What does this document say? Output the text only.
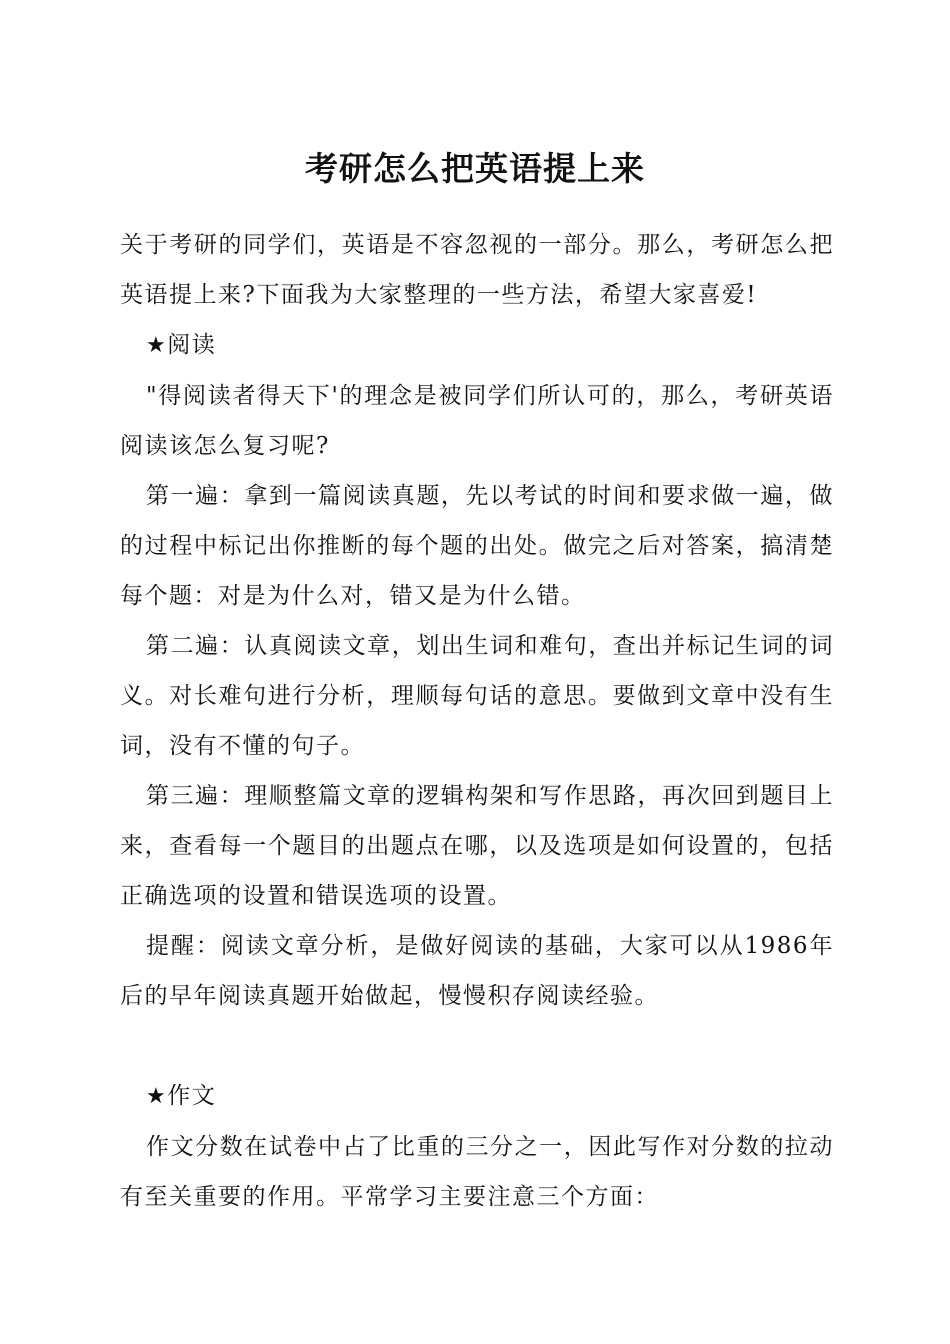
考研怎么把英语提上来

关于考研的同学们，英语是不容忽视的一部分。那么，考研怎么把英语提上来?下面我为大家整理的一些方法，希望大家喜爱!

★阅读

"得阅读者得天下'的理念是被同学们所认可的，那么，考研英语阅读该怎么复习呢?

第一遍：拿到一篇阅读真题，先以考试的时间和要求做一遍，做的过程中标记出你推断的每个题的出处。做完之后对答案，搞清楚每个题：对是为什么对，错又是为什么错。

第二遍：认真阅读文章，划出生词和难句，查出并标记生词的词义。对长难句进行分析，理顺每句话的意思。要做到文章中没有生词，没有不懂的句子。

第三遍：理顺整篇文章的逻辑构架和写作思路，再次回到题目上来，查看每一个题目的出题点在哪，以及选项是如何设置的，包括正确选项的设置和错误选项的设置。

提醒：阅读文章分析，是做好阅读的基础，大家可以从1986年后的早年阅读真题开始做起，慢慢积存阅读经验。

★作文

作文分数在试卷中占了比重的三分之一，因此写作对分数的拉动有至关重要的作用。平常学习主要注意三个方面：
